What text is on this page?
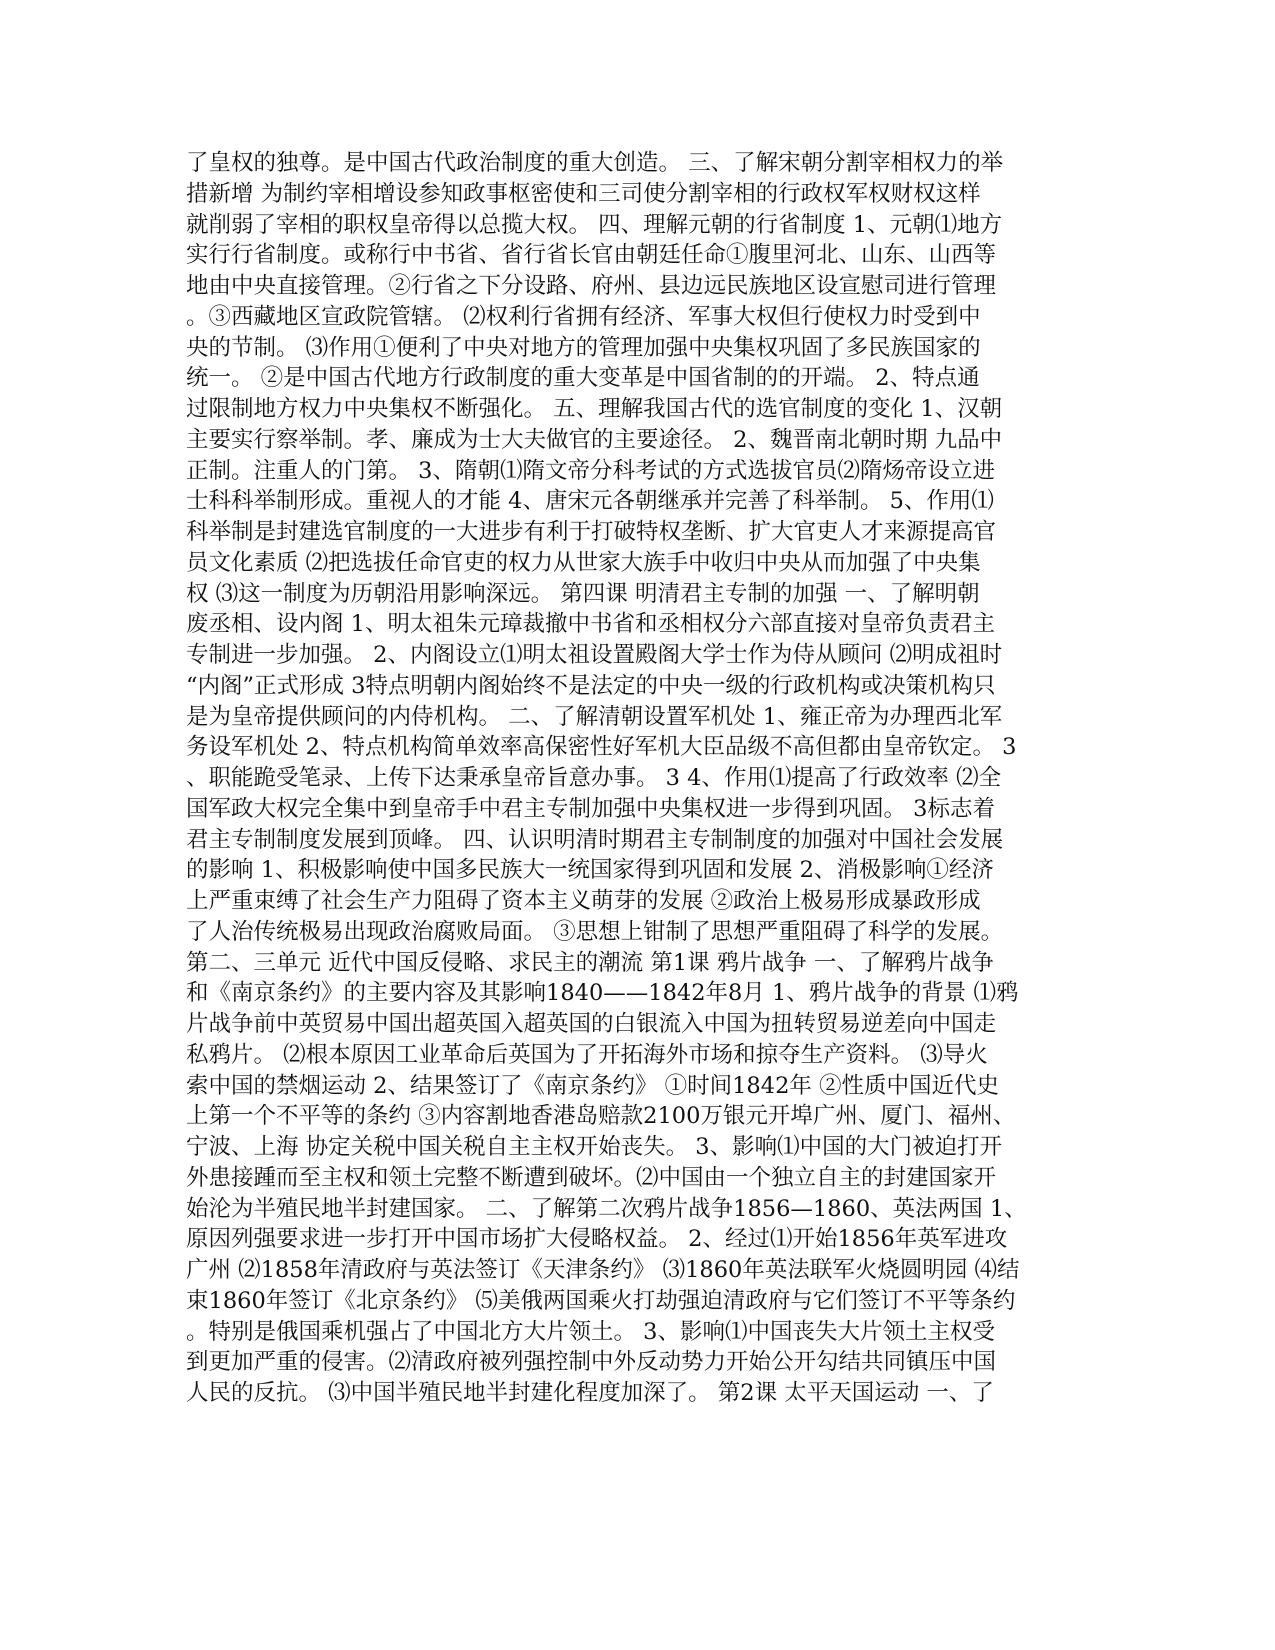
了皇权的独尊。是中国古代政治制度的重大创造。 三、了解宋朝分割宰相权力的举
措新增 为制约宰相增设参知政事枢密使和三司使分割宰相的行政权军权财权这样
就削弱了宰相的职权皇帝得以总揽大权。 四、理解元朝的行省制度 1、元朝⑴地方
实行行省制度。或称行中书省、省行省长官由朝廷任命①腹里河北、山东、山西等
地由中央直接管理。②行省之下分设路、府州、县边远民族地区设宣慰司进行管理
。③西藏地区宣政院管辖。 ⑵权利行省拥有经济、军事大权但行使权力时受到中
央的节制。 ⑶作用①便利了中央对地方的管理加强中央集权巩固了多民族国家的
统一。 ②是中国古代地方行政制度的重大变革是中国省制的的开端。 2、特点通
过限制地方权力中央集权不断强化。 五、理解我国古代的选官制度的变化 1、汉朝
主要实行察举制。孝、廉成为士大夫做官的主要途径。 2、魏晋南北朝时期 九品中
正制。注重人的门第。 3、隋朝⑴隋文帝分科考试的方式选拔官员⑵隋炀帝设立进
士科科举制形成。重视人的才能 4、唐宋元各朝继承并完善了科举制。 5、作用⑴
科举制是封建选官制度的一大进步有利于打破特权垄断、扩大官吏人才来源提高官
员文化素质 ⑵把选拔任命官吏的权力从世家大族手中收归中央从而加强了中央集
权 ⑶这一制度为历朝沿用影响深远。 第四课 明清君主专制的加强 一、了解明朝
废丞相、设内阁 1、明太祖朱元璋裁撤中书省和丞相权分六部直接对皇帝负责君主
专制进一步加强。 2、内阁设立⑴明太祖设置殿阁大学士作为侍从顾问 ⑵明成祖时
“内阁”正式形成 3特点明朝内阁始终不是法定的中央一级的行政机构或决策机构只
是为皇帝提供顾问的内侍机构。 二、了解清朝设置军机处 1、雍正帝为办理西北军
务设军机处 2、特点机构简单效率高保密性好军机大臣品级不高但都由皇帝钦定。 3
、职能跪受笔录、上传下达秉承皇帝旨意办事。 3 4、作用⑴提高了行政效率 ⑵全
国军政大权完全集中到皇帝手中君主专制加强中央集权进一步得到巩固。 3标志着
君主专制制度发展到顶峰。 四、认识明清时期君主专制制度的加强对中国社会发展
的影响 1、积极影响使中国多民族大一统国家得到巩固和发展 2、消极影响①经济
上严重束缚了社会生产力阻碍了资本主义萌芽的发展 ②政治上极易形成暴政形成
了人治传统极易出现政治腐败局面。 ③思想上钳制了思想严重阻碍了科学的发展。
第二、三单元 近代中国反侵略、求民主的潮流 第1课 鸦片战争 一、了解鸦片战争
和《南京条约》的主要内容及其影响1840——1842年8月 1、鸦片战争的背景 ⑴鸦
片战争前中英贸易中国出超英国入超英国的白银流入中国为扭转贸易逆差向中国走
私鸦片。 ⑵根本原因工业革命后英国为了开拓海外市场和掠夺生产资料。 ⑶导火
索中国的禁烟运动 2、结果签订了《南京条约》 ①时间1842年 ②性质中国近代史
上第一个不平等的条约 ③内容割地香港岛赔款2100万银元开埠广州、厦门、福州、
宁波、上海 协定关税中国关税自主主权开始丧失。 3、影响⑴中国的大门被迫打开
外患接踵而至主权和领土完整不断遭到破坏。⑵中国由一个独立自主的封建国家开
始沦为半殖民地半封建国家。 二、了解第二次鸦片战争1856—1860、英法两国 1、
原因列强要求进一步打开中国市场扩大侵略权益。 2、经过⑴开始1856年英军进攻
广州 ⑵1858年清政府与英法签订《天津条约》 ⑶1860年英法联军火烧圆明园 ⑷结
束1860年签订《北京条约》 ⑸美俄两国乘火打劫强迫清政府与它们签订不平等条约
。特别是俄国乘机强占了中国北方大片领土。 3、影响⑴中国丧失大片领土主权受
到更加严重的侵害。⑵清政府被列强控制中外反动势力开始公开勾结共同镇压中国
人民的反抗。 ⑶中国半殖民地半封建化程度加深了。 第2课 太平天国运动 一、了
